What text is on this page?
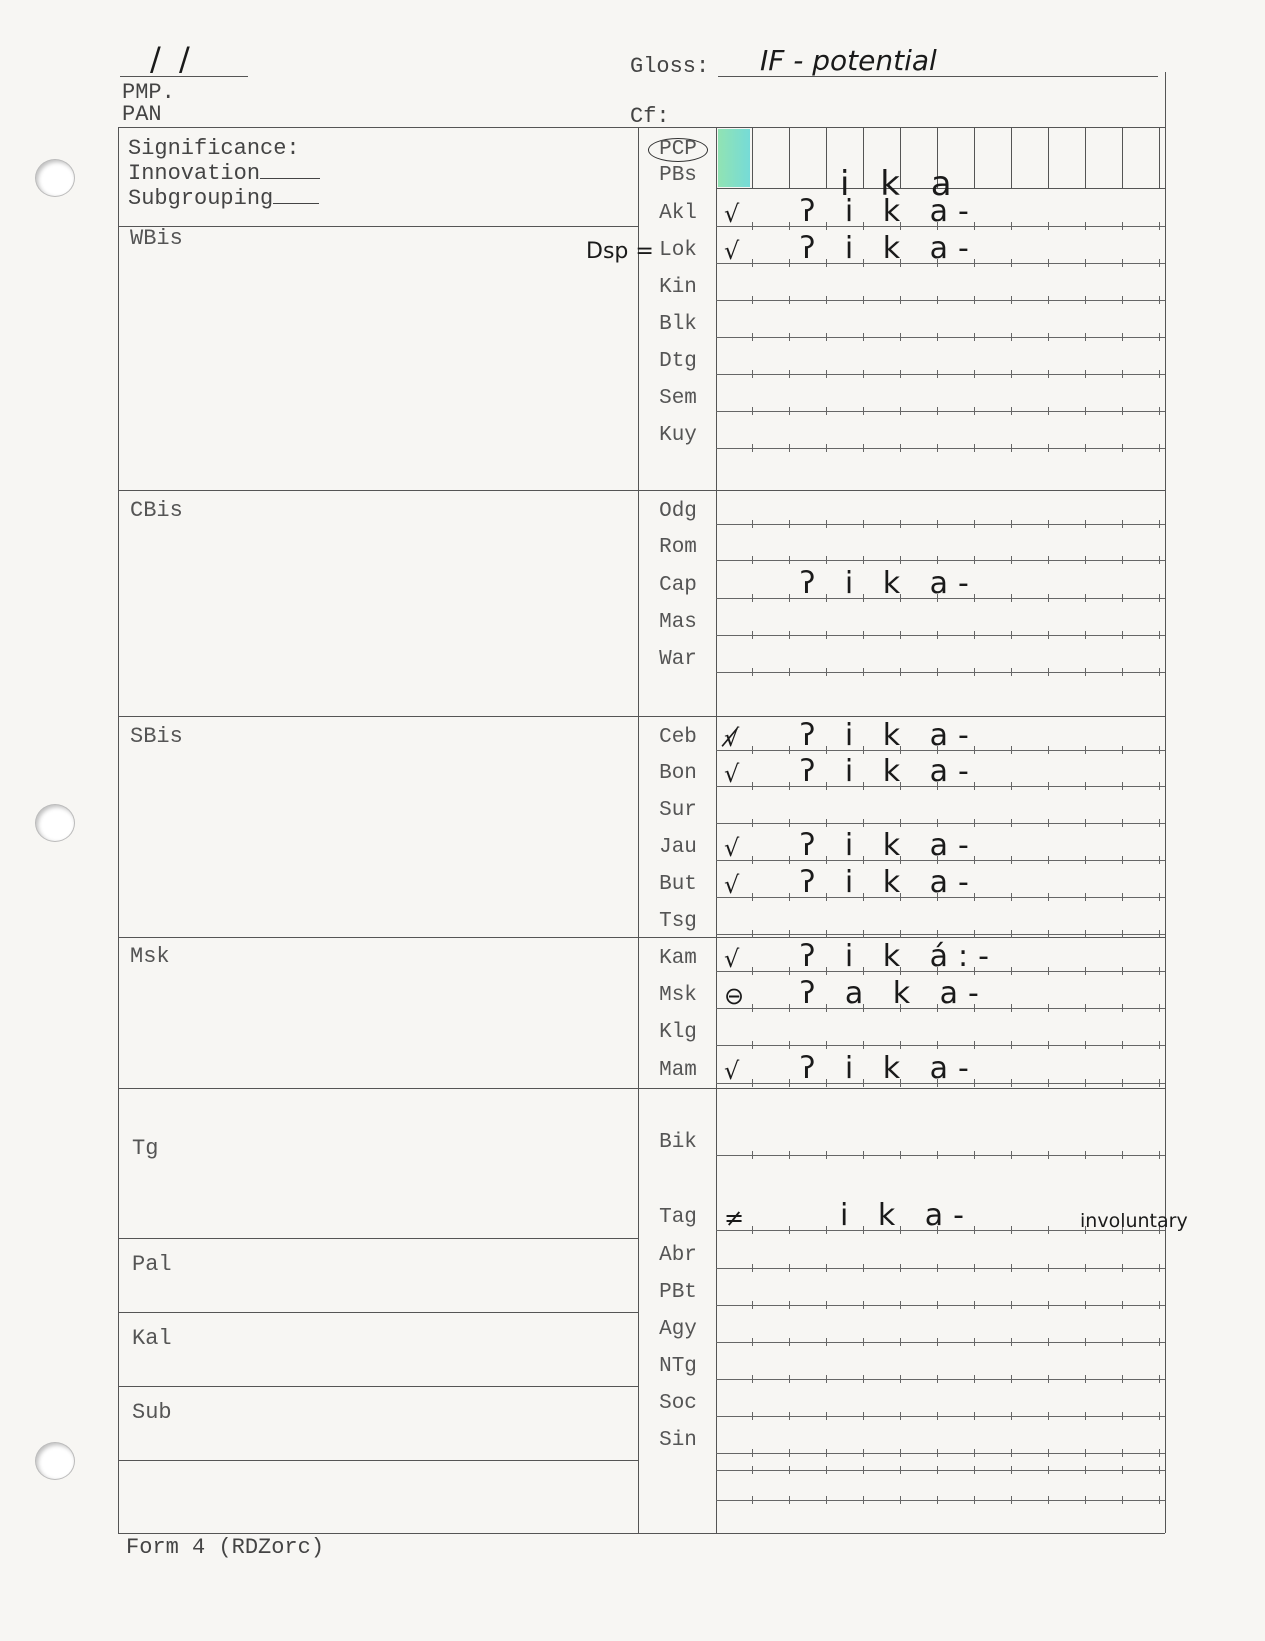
/ /
PMP.
PAN
Gloss: IF - potential
Cf:
Significance:
Innovation
Subgrouping
WBis
CBis
SBis
Msk
Tg
Pal
Kal
Sub
PCP
PBs	i k a
Akl	√ ʔ i k a-
Lok	√ ʔ i k a-
Dsp =
Kin
Blk
Dtg
Sem
Kuy
Odg
Rom
Cap	ʔ i k a-
Mas
War
Ceb	√̸ ʔ i k a-
Bon	√ ʔ i k a-
Sur
Jau	√ ʔ i k a-
But	√ ʔ i k a-
Tsg
Kam	√ ʔ i k á:-
Msk	⊖ ʔ a k a-
Klg
Mam	√ ʔ i k a-
Bik
Tag	≠	i k a-	involuntary
Abr
PBt
Agy
NTg
Soc
Sin
Form 4 (RDZorc)
